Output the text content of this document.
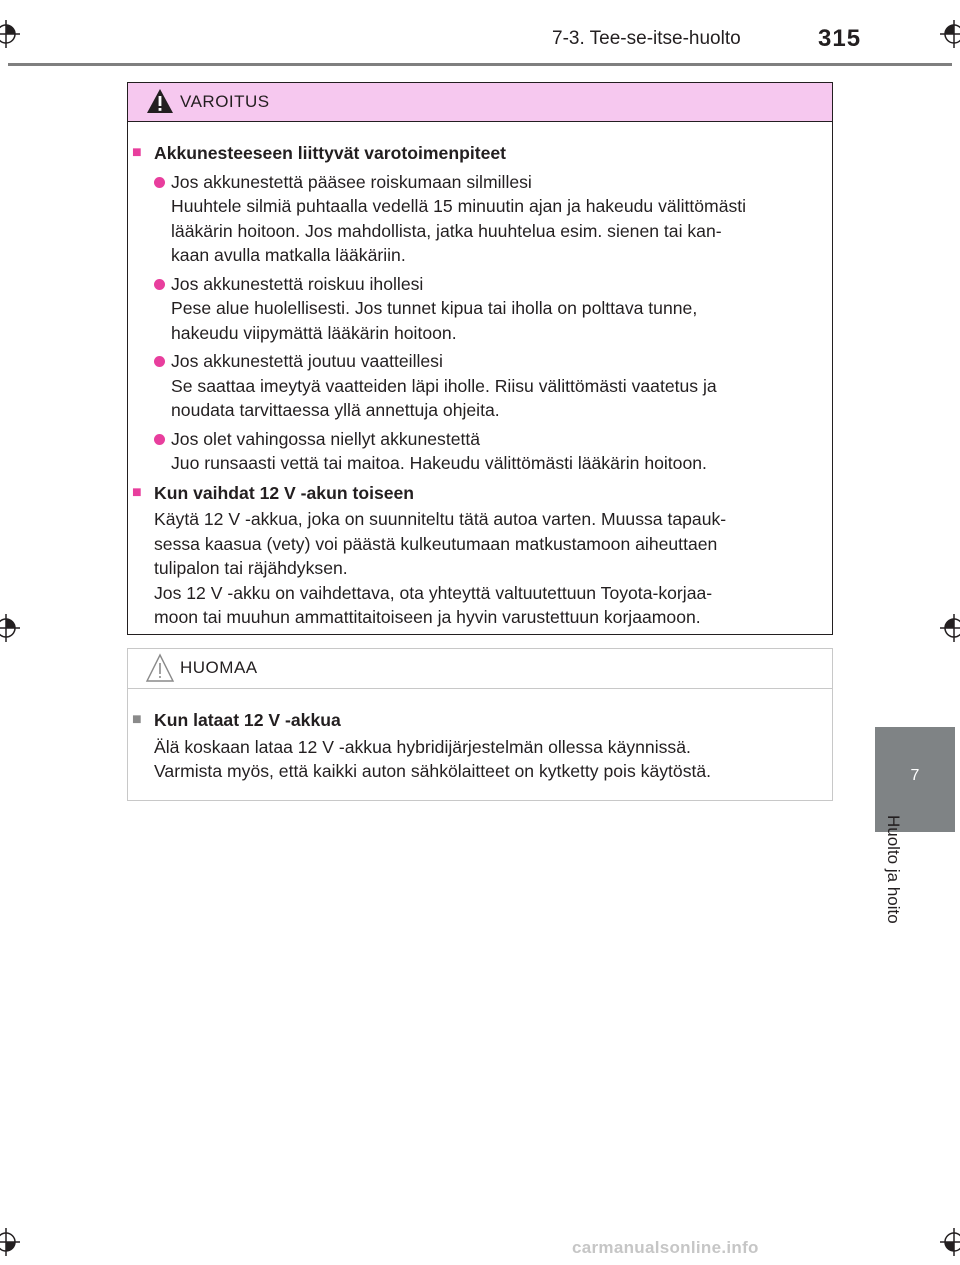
7-3. Tee-se-itse-huolto	315
7
Huolto ja hoito
VAROITUS
■ Akkunesteeseen liittyvät varotoimenpiteet
Jos akkunestettä pääsee roiskumaan silmillesi
Huuhtele silmiä puhtaalla vedellä 15 minuutin ajan ja hakeudu välittömästi
lääkärin hoitoon. Jos mahdollista, jatka huuhtelua esim. sienen tai kan-
kaan avulla matkalla lääkäriin.
Jos akkunestettä roiskuu ihollesi
Pese alue huolellisesti. Jos tunnet kipua tai iholla on polttava tunne,
hakeudu viipymättä lääkärin hoitoon.
Jos akkunestettä joutuu vaatteillesi
Se saattaa imeytyä vaatteiden läpi iholle. Riisu välittömästi vaatetus ja
noudata tarvittaessa yllä annettuja ohjeita.
Jos olet vahingossa niellyt akkunestettä
Juo runsaasti vettä tai maitoa. Hakeudu välittömästi lääkärin hoitoon.
■ Kun vaihdat 12 V -akun toiseen
Käytä 12 V -akkua, joka on suunniteltu tätä autoa varten. Muussa tapauk-
sessa kaasua (vety) voi päästä kulkeutumaan matkustamoon aiheuttaen
tulipalon tai räjähdyksen.
Jos 12 V -akku on vaihdettava, ota yhteyttä valtuutettuun Toyota-korjaa-
moon tai muuhun ammattitaitoiseen ja hyvin varustettuun korjaamoon.
HUOMAA
■ Kun lataat 12 V -akkua
Älä koskaan lataa 12 V -akkua hybridijärjestelmän ollessa käynnissä.
Varmista myös, että kaikki auton sähkölaitteet on kytketty pois käytöstä.
carmanualsonline.info
